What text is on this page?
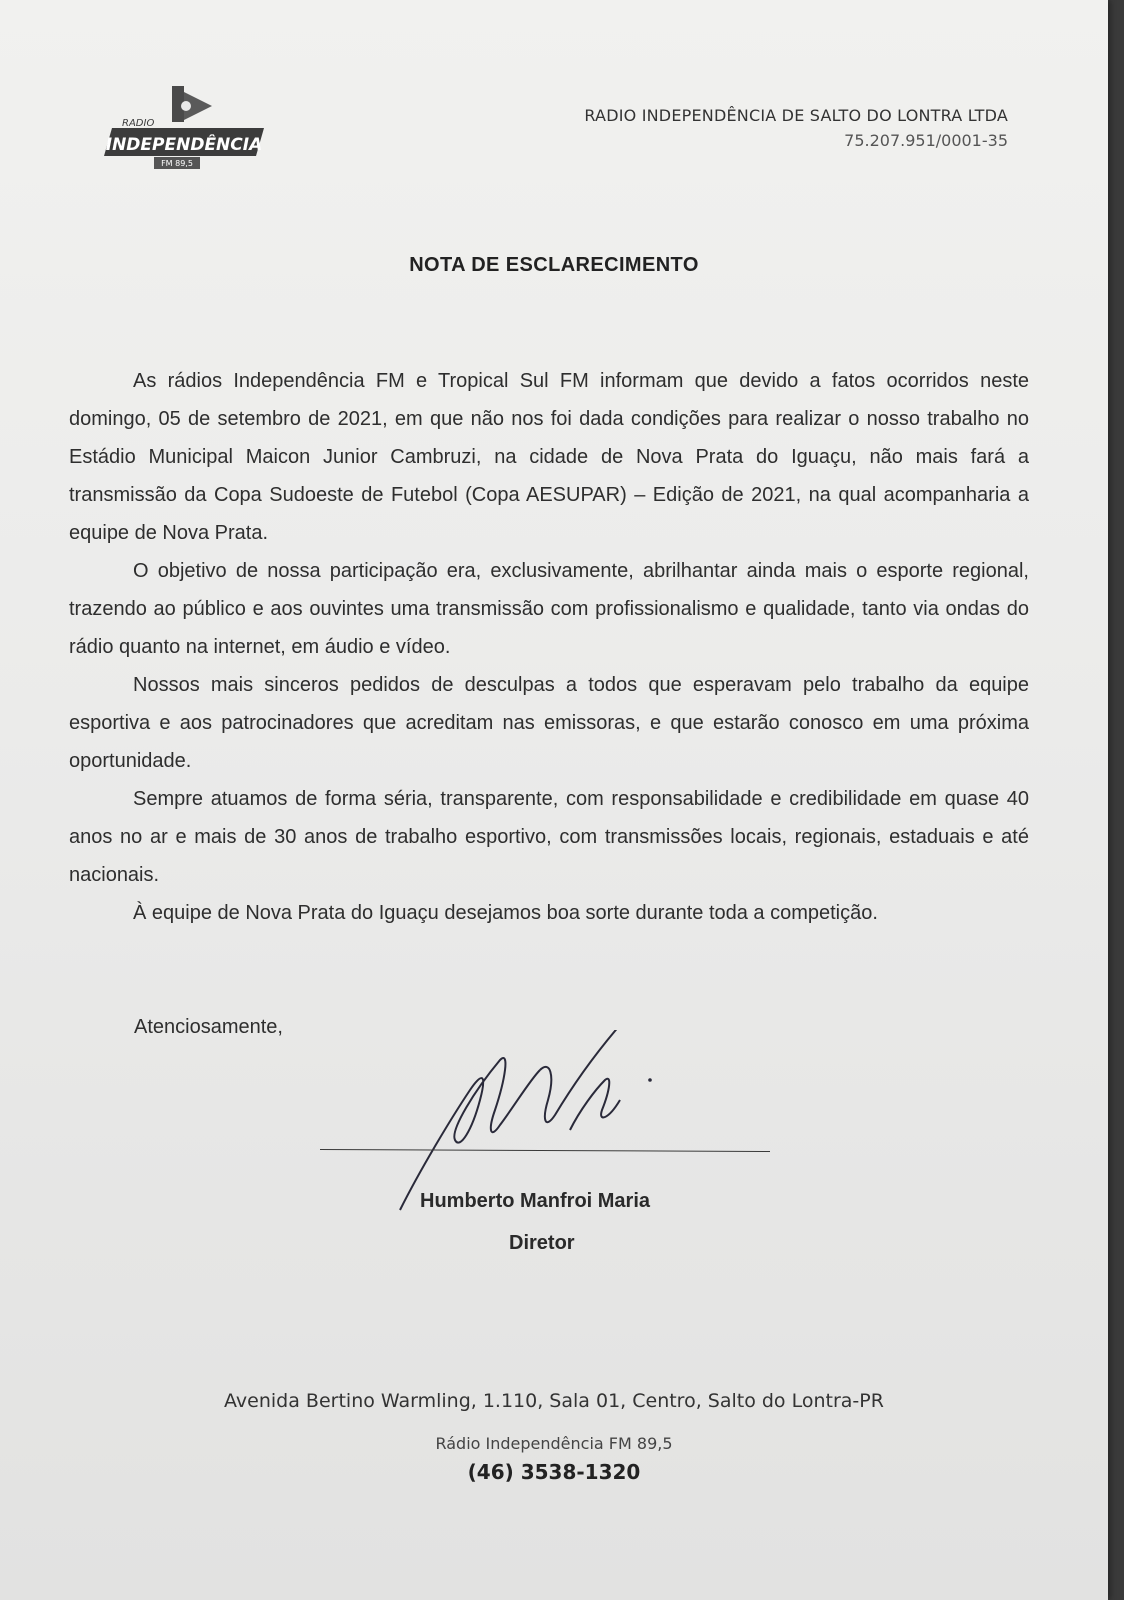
RADIO
INDEPENDÊNCIA
FM 89,5
RADIO INDEPENDÊNCIA DE SALTO DO LONTRA LTDA
75.207.951/0001-35
NOTA DE ESCLARECIMENTO

As rádios Independência FM e Tropical Sul FM informam que devido a fatos ocorridos neste domingo, 05 de setembro de 2021, em que não nos foi dada condições para realizar o nosso trabalho no Estádio Municipal Maicon Junior Cambruzi, na cidade de Nova Prata do Iguaçu, não mais fará a transmissão da Copa Sudoeste de Futebol (Copa AESUPAR) – Edição de 2021, na qual acompanharia a equipe de Nova Prata.

O objetivo de nossa participação era, exclusivamente, abrilhantar ainda mais o esporte regional, trazendo ao público e aos ouvintes uma transmissão com profissionalismo e qualidade, tanto via ondas do rádio quanto na internet, em áudio e vídeo.

Nossos mais sinceros pedidos de desculpas a todos que esperavam pelo trabalho da equipe esportiva e aos patrocinadores que acreditam nas emissoras, e que estarão conosco em uma próxima oportunidade.

Sempre atuamos de forma séria, transparente, com responsabilidade e credibilidade em quase 40 anos no ar e mais de 30 anos de trabalho esportivo, com transmissões locais, regionais, estaduais e até nacionais.

À equipe de Nova Prata do Iguaçu desejamos boa sorte durante toda a competição.

Atenciosamente,
Humberto Manfroi Maria
Diretor
Avenida Bertino Warmling, 1.110, Sala 01, Centro, Salto do Lontra-PR
Rádio Independência FM 89,5
(46) 3538-1320
